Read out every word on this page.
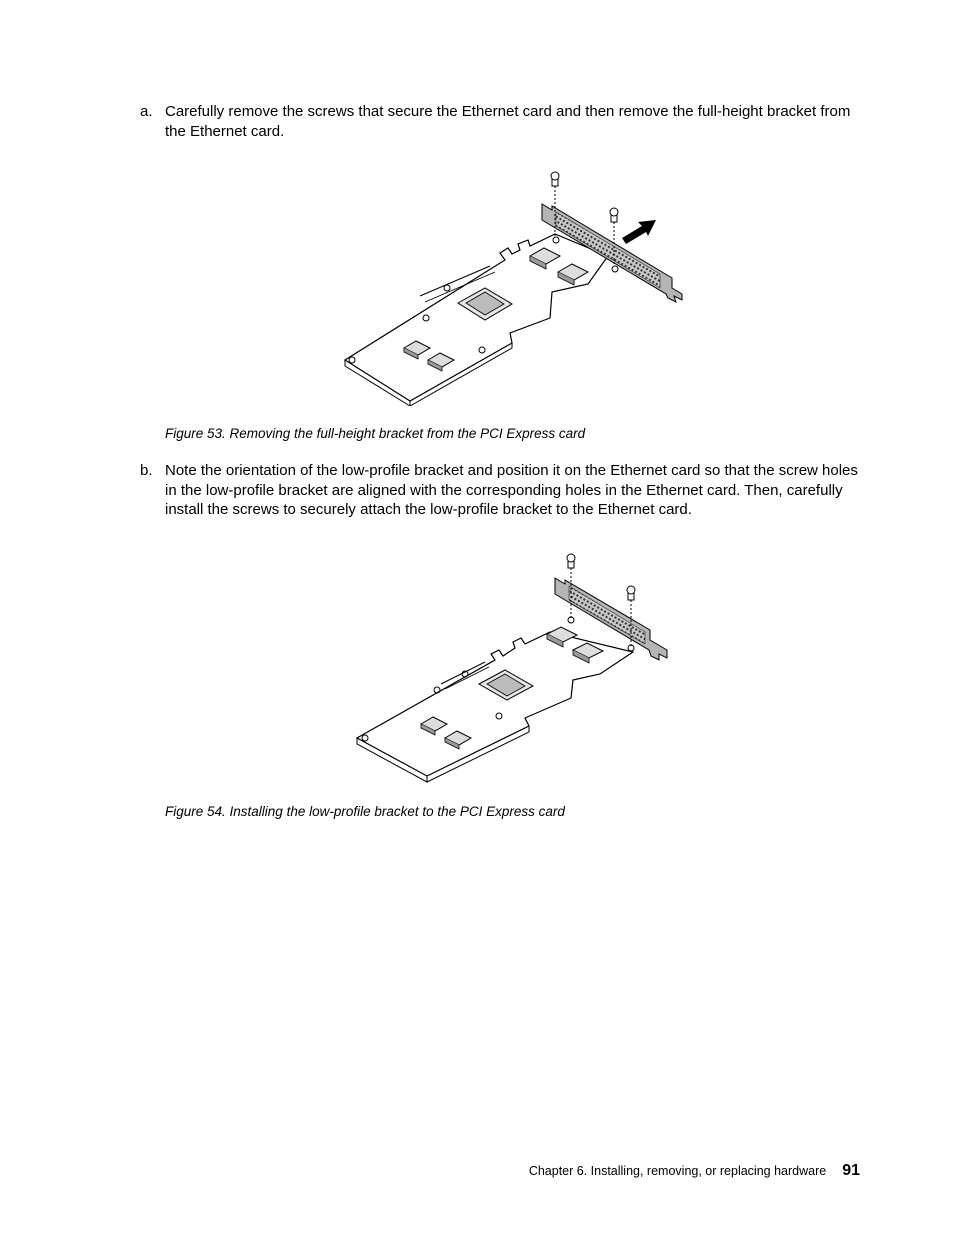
a. Carefully remove the screws that secure the Ethernet card and then remove the full-height bracket from the Ethernet card.
Figure 53. Removing the full-height bracket from the PCI Express card
b. Note the orientation of the low-profile bracket and position it on the Ethernet card so that the screw holes in the low-profile bracket are aligned with the corresponding holes in the Ethernet card. Then, carefully install the screws to securely attach the low-profile bracket to the Ethernet card.
Figure 54. Installing the low-profile bracket to the PCI Express card
Chapter 6. Installing, removing, or replacing hardware 91
